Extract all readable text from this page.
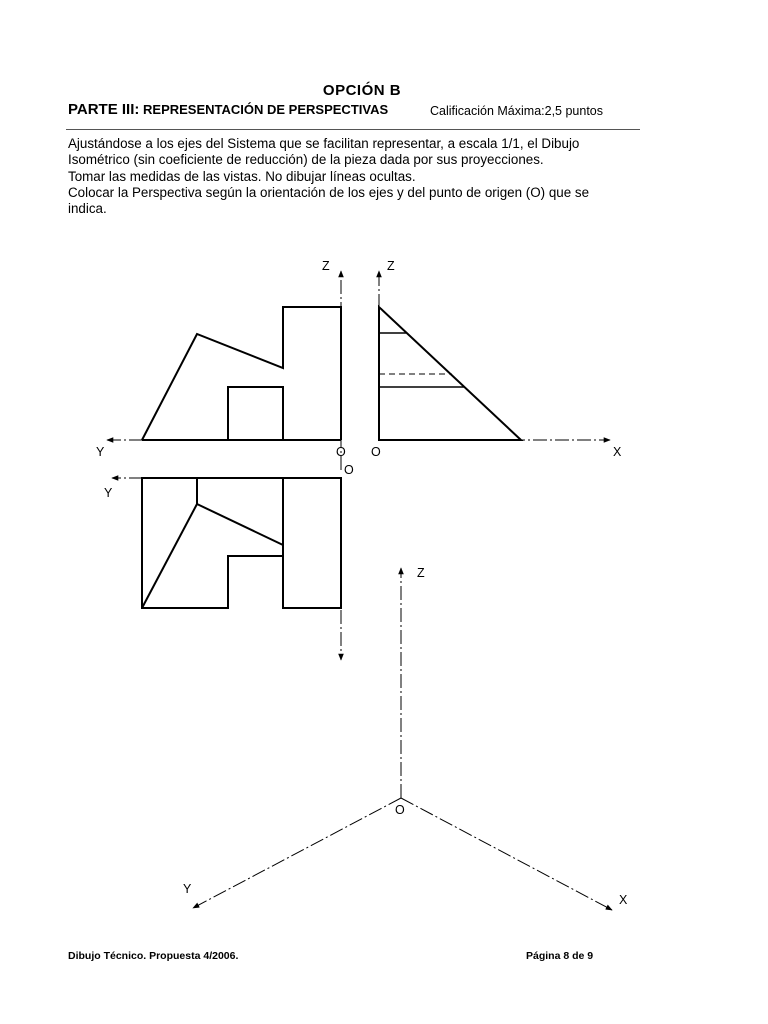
OPCIÓN B
PARTE III: REPRESENTACIÓN DE PERSPECTIVAS	Calificación Máxima:2,5 puntos

Ajustándose a los ejes del Sistema que se facilitan representar, a escala 1/1, el Dibujo
Isométrico (sin coeficiente de reducción) de la pieza dada por sus proyecciones.
Tomar las medidas de las vistas. No dibujar líneas ocultas.
Colocar la Perspectiva según la orientación de los ejes y del punto de origen (O) que se
indica.

Z	Z
Y	O O	X
O
Y
Z
O
Y
X
Dibujo Técnico. Propuesta 4/2006.	Página 8 de 9
